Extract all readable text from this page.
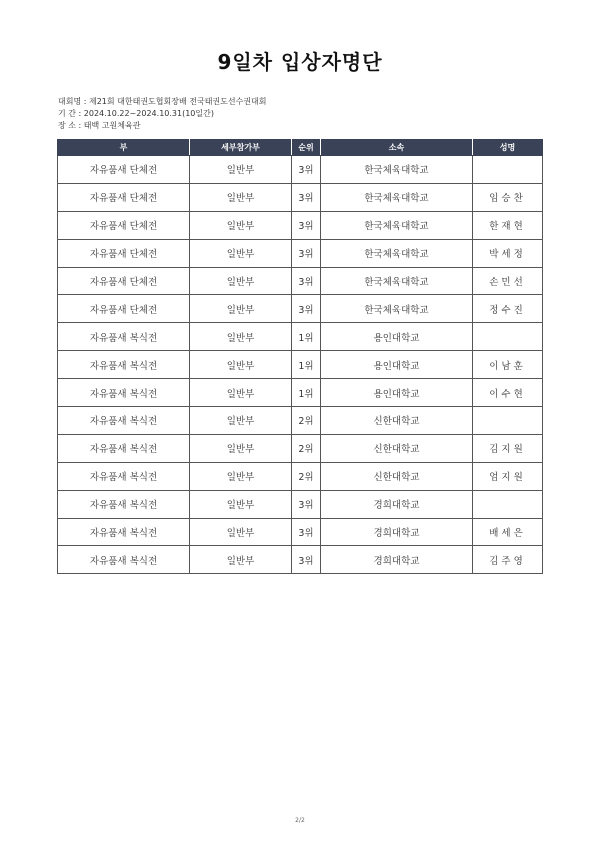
9일차 입상자명단
대회명 : 제21회 대한태권도협회장배 전국태권도선수권대회
기 간 : 2024.10.22~2024.10.31(10일간)
장 소 : 태백 고원체육관
부	세부참가부	순위	소속	성명
자유품새 단체전	일반부	3위	한국체육대학교	
자유품새 단체전	일반부	3위	한국체육대학교	임승찬
자유품새 단체전	일반부	3위	한국체육대학교	한재현
자유품새 단체전	일반부	3위	한국체육대학교	박세정
자유품새 단체전	일반부	3위	한국체육대학교	손민선
자유품새 단체전	일반부	3위	한국체육대학교	정수진
자유품새 복식전	일반부	1위	용인대학교	
자유품새 복식전	일반부	1위	용인대학교	이남훈
자유품새 복식전	일반부	1위	용인대학교	이수현
자유품새 복식전	일반부	2위	신한대학교	
자유품새 복식전	일반부	2위	신한대학교	김지원
자유품새 복식전	일반부	2위	신한대학교	엄지원
자유품새 복식전	일반부	3위	경희대학교	
자유품새 복식전	일반부	3위	경희대학교	배세은
자유품새 복식전	일반부	3위	경희대학교	김주영
2/2
